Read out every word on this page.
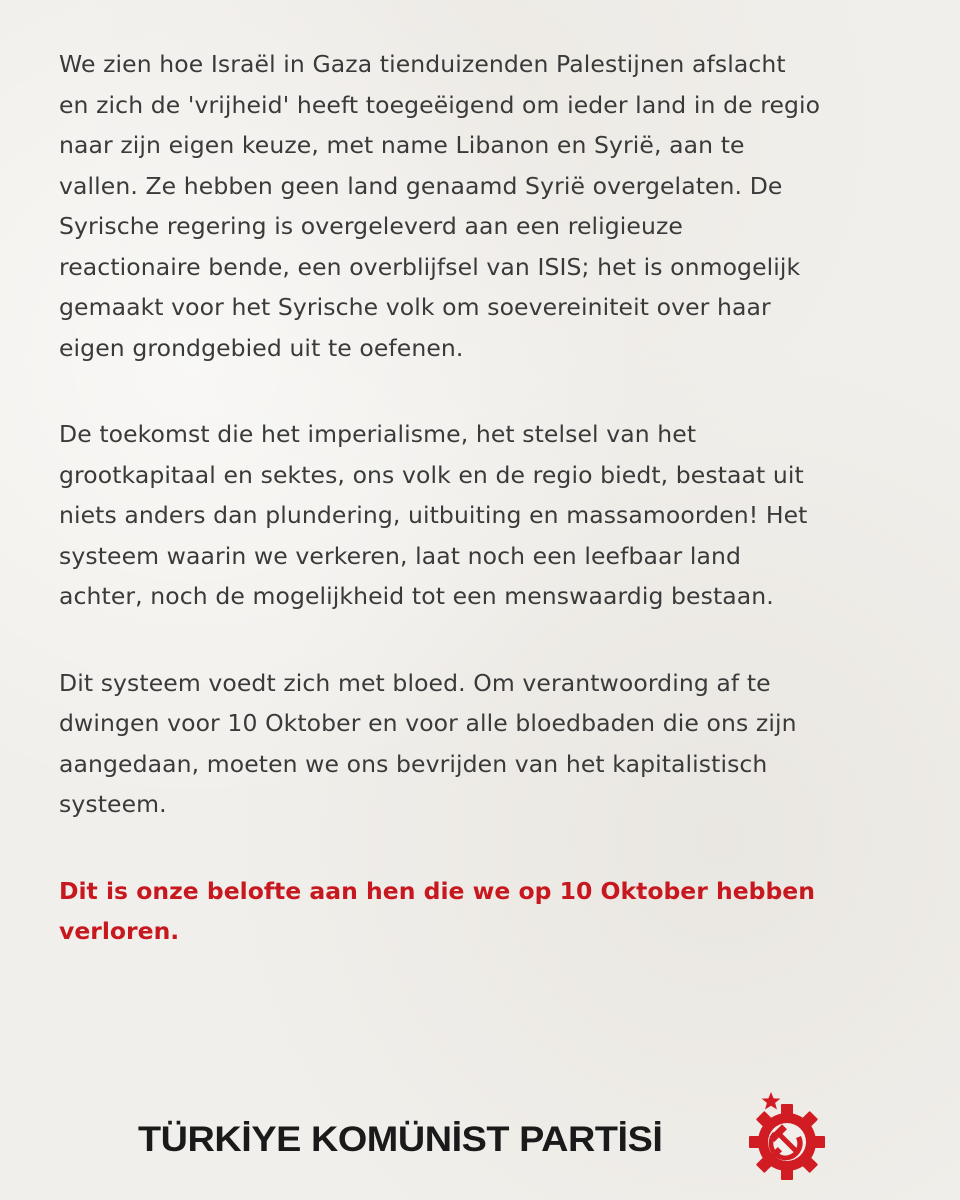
We zien hoe Israël in Gaza tienduizenden Palestijnen afslacht
en zich de 'vrijheid' heeft toegeëigend om ieder land in de regio
naar zijn eigen keuze, met name Libanon en Syrië, aan te
vallen. Ze hebben geen land genaamd Syrië overgelaten. De
Syrische regering is overgeleverd aan een religieuze
reactionaire bende, een overblijfsel van ISIS; het is onmogelijk
gemaakt voor het Syrische volk om soevereiniteit over haar
eigen grondgebied uit te oefenen.

De toekomst die het imperialisme, het stelsel van het
grootkapitaal en sektes, ons volk en de regio biedt, bestaat uit
niets anders dan plundering, uitbuiting en massamoorden! Het
systeem waarin we verkeren, laat noch een leefbaar land
achter, noch de mogelijkheid tot een menswaardig bestaan.

Dit systeem voedt zich met bloed. Om verantwoording af te
dwingen voor 10 Oktober en voor alle bloedbaden die ons zijn
aangedaan, moeten we ons bevrijden van het kapitalistisch
systeem.

Dit is onze belofte aan hen die we op 10 Oktober hebben
verloren.

TÜRKİYE KOMÜNİST PARTİSİ
